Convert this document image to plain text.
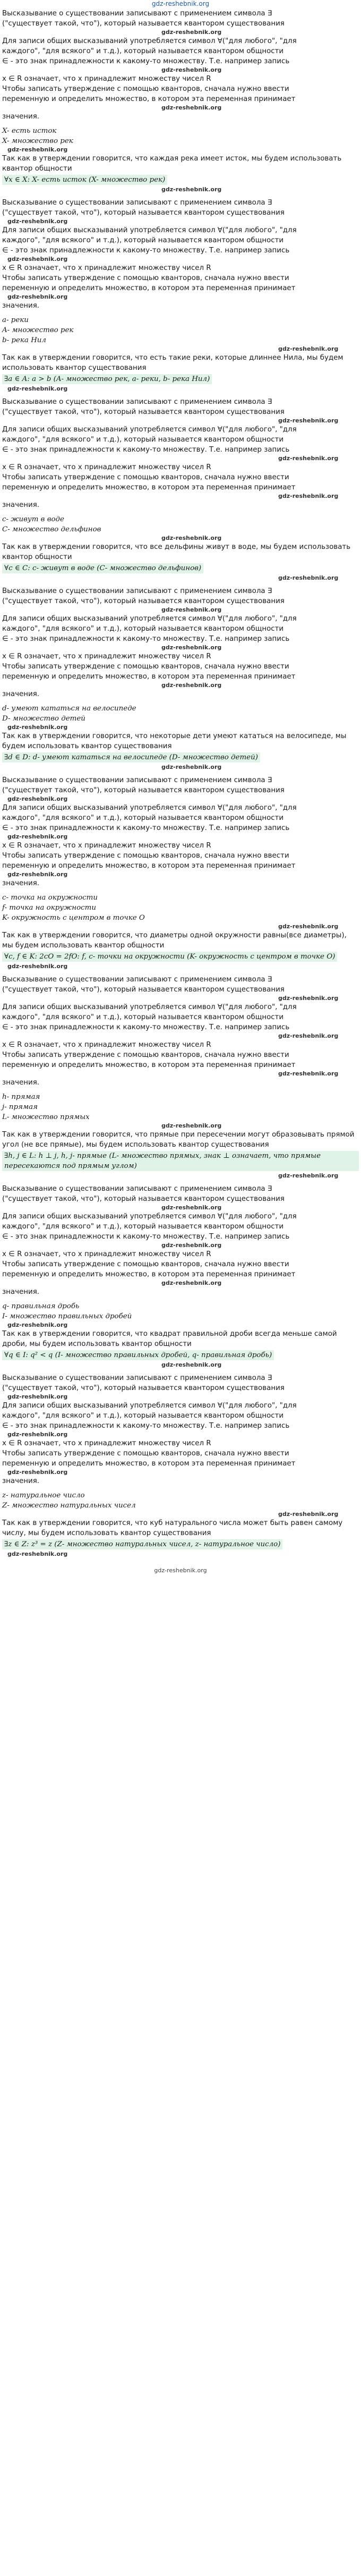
gdz-reshebnik.org

Высказывание о существовании записывают с применением символа ∃

("существует такой, что"), который называется квантором существования

gdz-reshebnik.org

Для записи общих высказываний употребляется символ ∀("для любого", "для

каждого", "для всякого" и т.д.), который называется квантором общности

∈ - это знак принадлежности к какому-то множеству. Т.е. например запись

gdz-reshebnik.org

x ∈ R означает, что x принадлежит множеству чисел R

Чтобы записать утверждение с помощью кванторов, сначала нужно ввести

переменную и определить множество, в котором эта переменная принимает

gdz-reshebnik.org

значения.

X- есть исток

X- множество рек

gdz-reshebnik.org

Так как в утверждении говорится, что каждая река имеет исток, мы будем использовать квантор общности

∀x ∈ X: X- есть исток (X- множество рек)
gdz-reshebnik.org

Высказывание о существовании записывают с применением символа ∃

("существует такой, что"), который называется квантором существования

gdz-reshebnik.org

Для записи общих высказываний употребляется символ ∀("для любого", "для

каждого", "для всякого" и т.д.), который называется квантором общности

∈ - это знак принадлежности к какому-то множеству. Т.е. например запись

gdz-reshebnik.org

x ∈ R означает, что x принадлежит множеству чисел R

Чтобы записать утверждение с помощью кванторов, сначала нужно ввести

переменную и определить множество, в котором эта переменная принимает

gdz-reshebnik.org

значения.

a- реки

A- множество рек

b- река Нил

gdz-reshebnik.org

Так как в утверждении говорится, что есть такие реки, которые длиннее Нила, мы будем использовать квантор существования

∃a ∈ A: a > b (A- множество рек, a- реки, b- река Нил)
gdz-reshebnik.org

Высказывание о существовании записывают с применением символа ∃

("существует такой, что"), который называется квантором существования

gdz-reshebnik.org

Для записи общих высказываний употребляется символ ∀("для любого", "для

каждого", "для всякого" и т.д.), который называется квантором общности

∈ - это знак принадлежности к какому-то множеству. Т.е. например запись

gdz-reshebnik.org

x ∈ R означает, что x принадлежит множеству чисел R

Чтобы записать утверждение с помощью кванторов, сначала нужно ввести

переменную и определить множество, в котором эта переменная принимает

gdz-reshebnik.org

значения.

c- живут в воде

C- множество дельфинов

gdz-reshebnik.org

Так как в утверждении говорится, что все дельфины живут в воде, мы будем использовать квантор общности

∀c ∈ C: c- живут в воде (C- множество дельфинов)
gdz-reshebnik.org

Высказывание о существовании записывают с применением символа ∃

("существует такой, что"), который называется квантором существования

gdz-reshebnik.org

Для записи общих высказываний употребляется символ ∀("для любого", "для

каждого", "для всякого" и т.д.), который называется квантором общности

∈ - это знак принадлежности к какому-то множеству. Т.е. например запись

gdz-reshebnik.org

x ∈ R означает, что x принадлежит множеству чисел R

Чтобы записать утверждение с помощью кванторов, сначала нужно ввести

переменную и определить множество, в котором эта переменная принимает

gdz-reshebnik.org

значения.

d- умеют кататься на велосипеде

D- множество детей

gdz-reshebnik.org

Так как в утверждении говорится, что некоторые дети умеют кататься на велосипеде, мы будем использовать квантор существования

∃d ∈ D: d- умеют кататься на велосипеде (D- множество детей)
gdz-reshebnik.org

Высказывание о существовании записывают с применением символа ∃

("существует такой, что"), который называется квантором существования

gdz-reshebnik.org

Для записи общих высказываний употребляется символ ∀("для любого", "для

каждого", "для всякого" и т.д.), который называется квантором общности

∈ - это знак принадлежности к какому-то множеству. Т.е. например запись

gdz-reshebnik.org

x ∈ R означает, что x принадлежит множеству чисел R

Чтобы записать утверждение с помощью кванторов, сначала нужно ввести

переменную и определить множество, в котором эта переменная принимает

gdz-reshebnik.org

значения.

c- точка на окружности

f- точка на окружности

K- окружность с центром в точке O

gdz-reshebnik.org

Так как в утверждении говорится, что диаметры одной окружности равны(все диаметры), мы будем использовать квантор общности

∀c, f ∈ K: 2cO = 2fO: f, c- точки на окружности (K- окружность с центром в точке O)
gdz-reshebnik.org

Высказывание о существовании записывают с применением символа ∃

("существует такой, что"), который называется квантором существования

gdz-reshebnik.org

Для записи общих высказываний употребляется символ ∀("для любого", "для

каждого", "для всякого" и т.д.), который называется квантором общности

∈ - это знак принадлежности к какому-то множеству. Т.е. например запись

gdz-reshebnik.org

x ∈ R означает, что x принадлежит множеству чисел R

Чтобы записать утверждение с помощью кванторов, сначала нужно ввести

переменную и определить множество, в котором эта переменная принимает

gdz-reshebnik.org

значения.

h- прямая

j- прямая

L- множество прямых

gdz-reshebnik.org

Так как в утверждении говорится, что прямые при пересечении могут образовывать прямой угол (не все прямые), мы будем использовать квантор существования

∃h, j ∈ L: h ⊥ j, h, j- прямые (L- множество прямых, знак ⊥ означает, что прямые пересекаются под прямым углом)
gdz-reshebnik.org

Высказывание о существовании записывают с применением символа ∃

("существует такой, что"), который называется квантором существования

gdz-reshebnik.org

Для записи общих высказываний употребляется символ ∀("для любого", "для

каждого", "для всякого" и т.д.), который называется квантором общности

∈ - это знак принадлежности к какому-то множеству. Т.е. например запись

gdz-reshebnik.org

x ∈ R означает, что x принадлежит множеству чисел R

Чтобы записать утверждение с помощью кванторов, сначала нужно ввести

переменную и определить множество, в котором эта переменная принимает

gdz-reshebnik.org

значения.

q- правильная дробь

I- множество правильных дробей

gdz-reshebnik.org

Так как в утверждении говорится, что квадрат правильной дроби всегда меньше самой дроби, мы будем использовать квантор общности

∀q ∈ I: q² < q (I- множество правильных дробей, q- правильная дробь)
gdz-reshebnik.org

Высказывание о существовании записывают с применением символа ∃

("существует такой, что"), который называется квантором существования

gdz-reshebnik.org

Для записи общих высказываний употребляется символ ∀("для любого", "для

каждого", "для всякого" и т.д.), который называется квантором общности

∈ - это знак принадлежности к какому-то множеству. Т.е. например запись

gdz-reshebnik.org

x ∈ R означает, что x принадлежит множеству чисел R

Чтобы записать утверждение с помощью кванторов, сначала нужно ввести

переменную и определить множество, в котором эта переменная принимает

gdz-reshebnik.org

значения.

z- натуральное число

Z- множество натуральных чисел

gdz-reshebnik.org

Так как в утверждении говорится, что куб натурального числа может быть равен самому числу, мы будем использовать квантор существования

∃z ∈ Z: z³ = z (Z- множество натуральных чисел, z- натуральное число)
gdz-reshebnik.org
gdz-reshebnik.org
